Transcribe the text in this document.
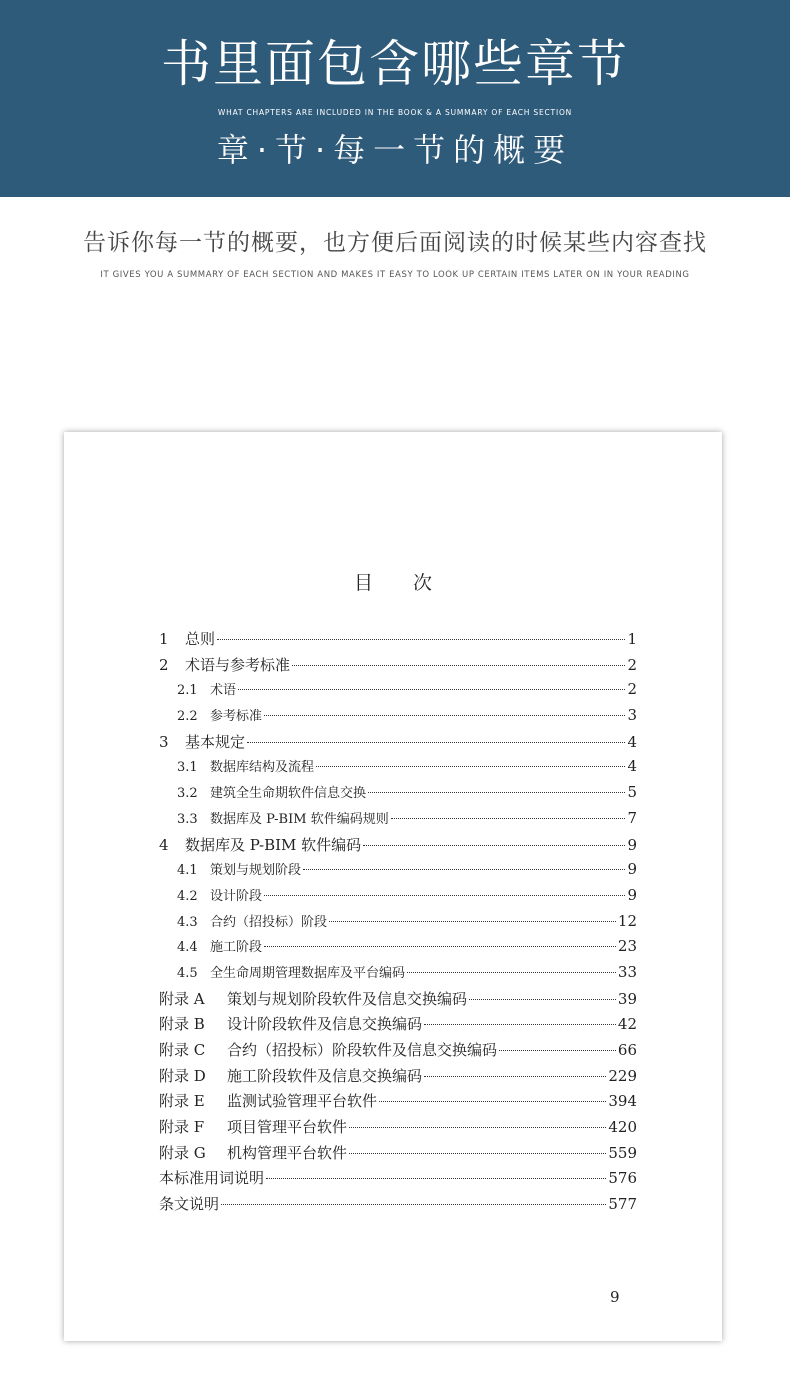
书里面包含哪些章节
WHAT CHAPTERS ARE INCLUDED IN THE BOOK & A SUMMARY OF EACH SECTION
章·节·每一节的概要
告诉你每一节的概要，也方便后面阅读的时候某些内容查找
IT GIVES YOU A SUMMARY OF EACH SECTION AND MAKES IT EASY TO LOOK UP CERTAIN ITEMS LATER ON IN YOUR READING
目次
1	总则	1
2	术语与参考标准	2
2.1 术语	2
2.2 参考标准	3
3	基本规定	4
3.1 数据库结构及流程	4
3.2 建筑全生命期软件信息交换	5
3.3 数据库及 P-BIM 软件编码规则	7
4	数据库及 P-BIM 软件编码	9
4.1 策划与规划阶段	9
4.2 设计阶段	9
4.3 合约（招投标）阶段	12
4.4 施工阶段	23
4.5 全生命周期管理数据库及平台编码	33
附录 A	策划与规划阶段软件及信息交换编码	39
附录 B	设计阶段软件及信息交换编码	42
附录 C	合约（招投标）阶段软件及信息交换编码	66
附录 D	施工阶段软件及信息交换编码	229
附录 E	监测试验管理平台软件	394
附录 F	项目管理平台软件	420
附录 G	机构管理平台软件	559
本标准用词说明	576
条文说明	577
9
